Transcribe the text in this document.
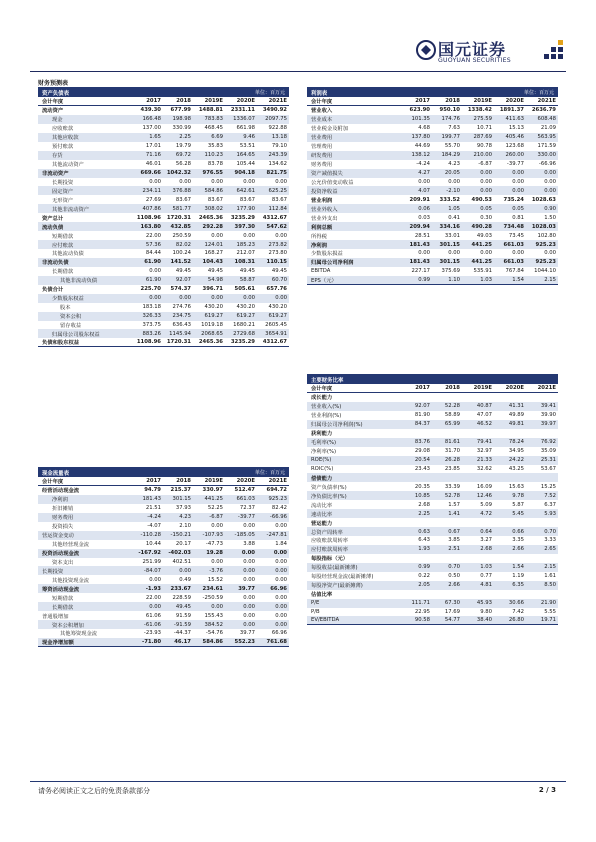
国元证券
GUOYUAN SECURITIES
财务预测表
资产负债表	单位：百万元
会计年度	2017	2018	2019E	2020E	2021E
流动资产	439.30	677.99	1488.81	2331.11	3490.92
现金	166.48	198.98	783.83	1336.07	2097.75
应收账款	137.00	330.99	468.45	661.98	922.88
其他应收款	1.65	2.25	6.69	9.46	13.18
预付账款	17.01	19.79	35.83	53.51	79.10
存货	71.16	69.72	110.23	164.65	243.39
其他流动资产	46.01	56.28	83.78	105.44	134.62
非流动资产	669.66	1042.32	976.55	904.18	821.75
长期投资	0.00	0.00	0.00	0.00	0.00
固定资产	234.11	376.88	584.86	642.61	625.25
无形资产	27.69	83.67	83.67	83.67	83.67
其他非流动资产	407.86	581.77	308.02	177.90	112.84
资产总计	1108.96	1720.31	2465.36	3235.29	4312.67
流动负债	163.80	432.85	292.28	397.30	547.62
短期借款	22.00	250.59	0.00	0.00	0.00
应付账款	57.36	82.02	124.01	185.23	273.82
其他流动负债	84.44	100.24	168.27	212.07	273.80
非流动负债	61.90	141.52	104.43	108.31	110.15
长期借款	0.00	49.45	49.45	49.45	49.45
其他非流动负债	61.90	92.07	54.98	58.87	60.70
负债合计	225.70	574.37	396.71	505.61	657.76
少数股东权益	0.00	0.00	0.00	0.00	0.00
股本	183.18	274.76	430.20	430.20	430.20
资本公积	326.33	234.75	619.27	619.27	619.27
留存收益	373.75	636.43	1019.18	1680.21	2605.45
归属母公司股东权益	883.26	1145.94	2068.65	2729.68	3654.91
负债和股东权益	1108.96	1720.31	2465.36	3235.29	4312.67
利润表	单位：百万元
会计年度	2017	2018	2019E	2020E	2021E
营业收入	623.90	950.10	1338.42	1891.37	2636.79
营业成本	101.35	174.76	275.59	411.63	608.48
营业税金及附加	4.68	7.63	10.71	15.13	21.09
营业费用	137.80	199.77	287.69	405.46	563.95
管理费用	44.69	55.70	90.78	123.68	171.59
研发费用	138.12	184.29	210.00	260.00	330.00
财务费用	-4.24	4.23	-6.87	-39.77	-66.96
资产减值损失	4.27	20.05	0.00	0.00	0.00
公允价值变动收益	0.00	0.00	0.00	0.00	0.00
投资净收益	4.07	-2.10	0.00	0.00	0.00
营业利润	209.91	333.52	490.53	735.24	1028.63
营业外收入	0.06	1.05	0.05	0.05	0.90
营业外支出	0.03	0.41	0.30	0.81	1.50
利润总额	209.94	334.16	490.28	734.48	1028.03
所得税	28.51	33.01	49.03	73.45	102.80
净利润	181.43	301.15	441.25	661.03	925.23
少数股东损益	0.00	0.00	0.00	0.00	0.00
归属母公司净利润	181.43	301.15	441.25	661.03	925.23
EBITDA	227.17	375.69	535.91	767.84	1044.10
EPS（元）	0.99	1.10	1.03	1.54	2.15
主要财务比率
会计年度	2017	2018	2019E	2020E	2021E
成长能力
营业收入(%)	92.07	52.28	40.87	41.31	39.41
营业利润(%)	81.90	58.89	47.07	49.89	39.90
归属母公司净利润(%)	84.37	65.99	46.52	49.81	39.97
获利能力
毛利率(%)	83.76	81.61	79.41	78.24	76.92
净利率(%)	29.08	31.70	32.97	34.95	35.09
ROE(%)	20.54	26.28	21.33	24.22	25.31
ROIC(%)	23.43	23.85	32.62	43.25	53.67
偿债能力
资产负债率(%)	20.35	33.39	16.09	15.63	15.25
净负债比率(%)	10.85	52.78	12.46	9.78	7.52
流动比率	2.68	1.57	5.09	5.87	6.37
速动比率	2.25	1.41	4.72	5.45	5.93
营运能力
总资产周转率	0.63	0.67	0.64	0.66	0.70
应收账款周转率	6.43	3.85	3.27	3.35	3.33
应付账款周转率	1.93	2.51	2.68	2.66	2.65
每股指标（元）
每股收益(最新摊薄)	0.99	0.70	1.03	1.54	2.15
每股经营现金流(最新摊薄)	0.22	0.50	0.77	1.19	1.61
每股净资产(最新摊薄)	2.05	2.66	4.81	6.35	8.50
估值比率
P/E	111.71	67.30	45.93	30.66	21.90
P/B	22.95	17.69	9.80	7.42	5.55
EV/EBITDA	90.58	54.77	38.40	26.80	19.71
现金流量表	单位：百万元
会计年度	2017	2018	2019E	2020E	2021E
经营活动现金流	94.79	215.37	330.97	512.47	694.72
净利润	181.43	301.15	441.25	661.03	925.23
折旧摊销	21.51	37.93	52.25	72.37	82.42
财务费用	-4.24	4.23	-6.87	-39.77	-66.96
投资损失	-4.07	2.10	0.00	0.00	0.00
营运资金变动	-110.28	-150.21	-107.93	-185.05	-247.81
其他经营现金流	10.44	20.17	-47.73	3.88	1.84
投资活动现金流	-167.92	-402.03	19.28	0.00	0.00
资本支出	251.99	402.51	0.00	0.00	0.00
长期投资	-84.07	0.00	-3.76	0.00	0.00
其他投资现金流	0.00	0.49	15.52	0.00	0.00
筹资活动现金流	-1.93	233.67	234.61	39.77	66.96
短期借款	22.00	228.59	-250.59	0.00	0.00
长期借款	0.00	49.45	0.00	0.00	0.00
普通股增加	61.06	91.59	155.43	0.00	0.00
资本公积增加	-61.06	-91.59	384.52	0.00	0.00
其他筹资现金流	-23.93	-44.37	-54.76	39.77	66.96
现金净增加额	-71.80	46.17	584.86	552.23	761.68
请务必阅读正文之后的免责条款部分	2 / 3
